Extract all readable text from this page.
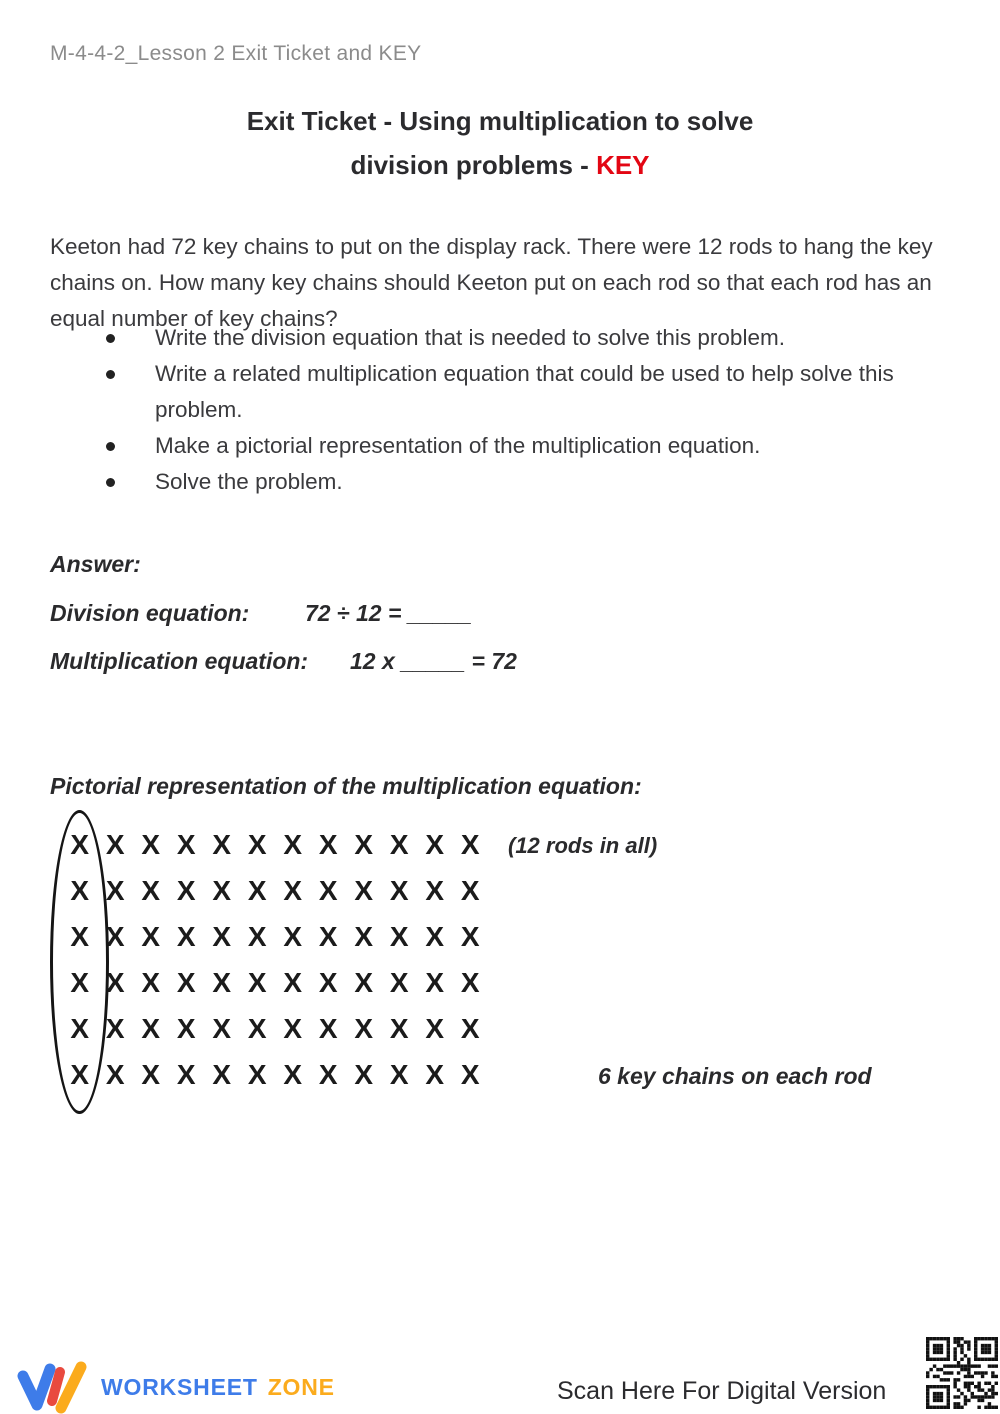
M-4-4-2_Lesson 2 Exit Ticket and KEY
Exit Ticket - Using multiplication to solve
division problems - KEY

Keeton had 72 key chains to put on the display rack. There were 12 rods to hang the key chains on. How many key chains should Keeton put on each rod so that each rod has an equal number of key chains?

Write the division equation that is needed to solve this problem.
Write a related multiplication equation that could be used to help solve this problem.
Make a pictorial representation of the multiplication equation.
Solve the problem.
Answer:
Division equation: 72 ÷ 12 = _____
Multiplication equation: 12 x _____ = 72
Pictorial representation of the multiplication equation:
X X X X X X X X X X X X
X X X X X X X X X X X X
X X X X X X X X X X X X
X X X X X X X X X X X X
X X X X X X X X X X X X
X X X X X X X X X X X X
(12 rods in all)
6 key chains on each rod
WORKSHEET ZONE	Scan Here For Digital Version
